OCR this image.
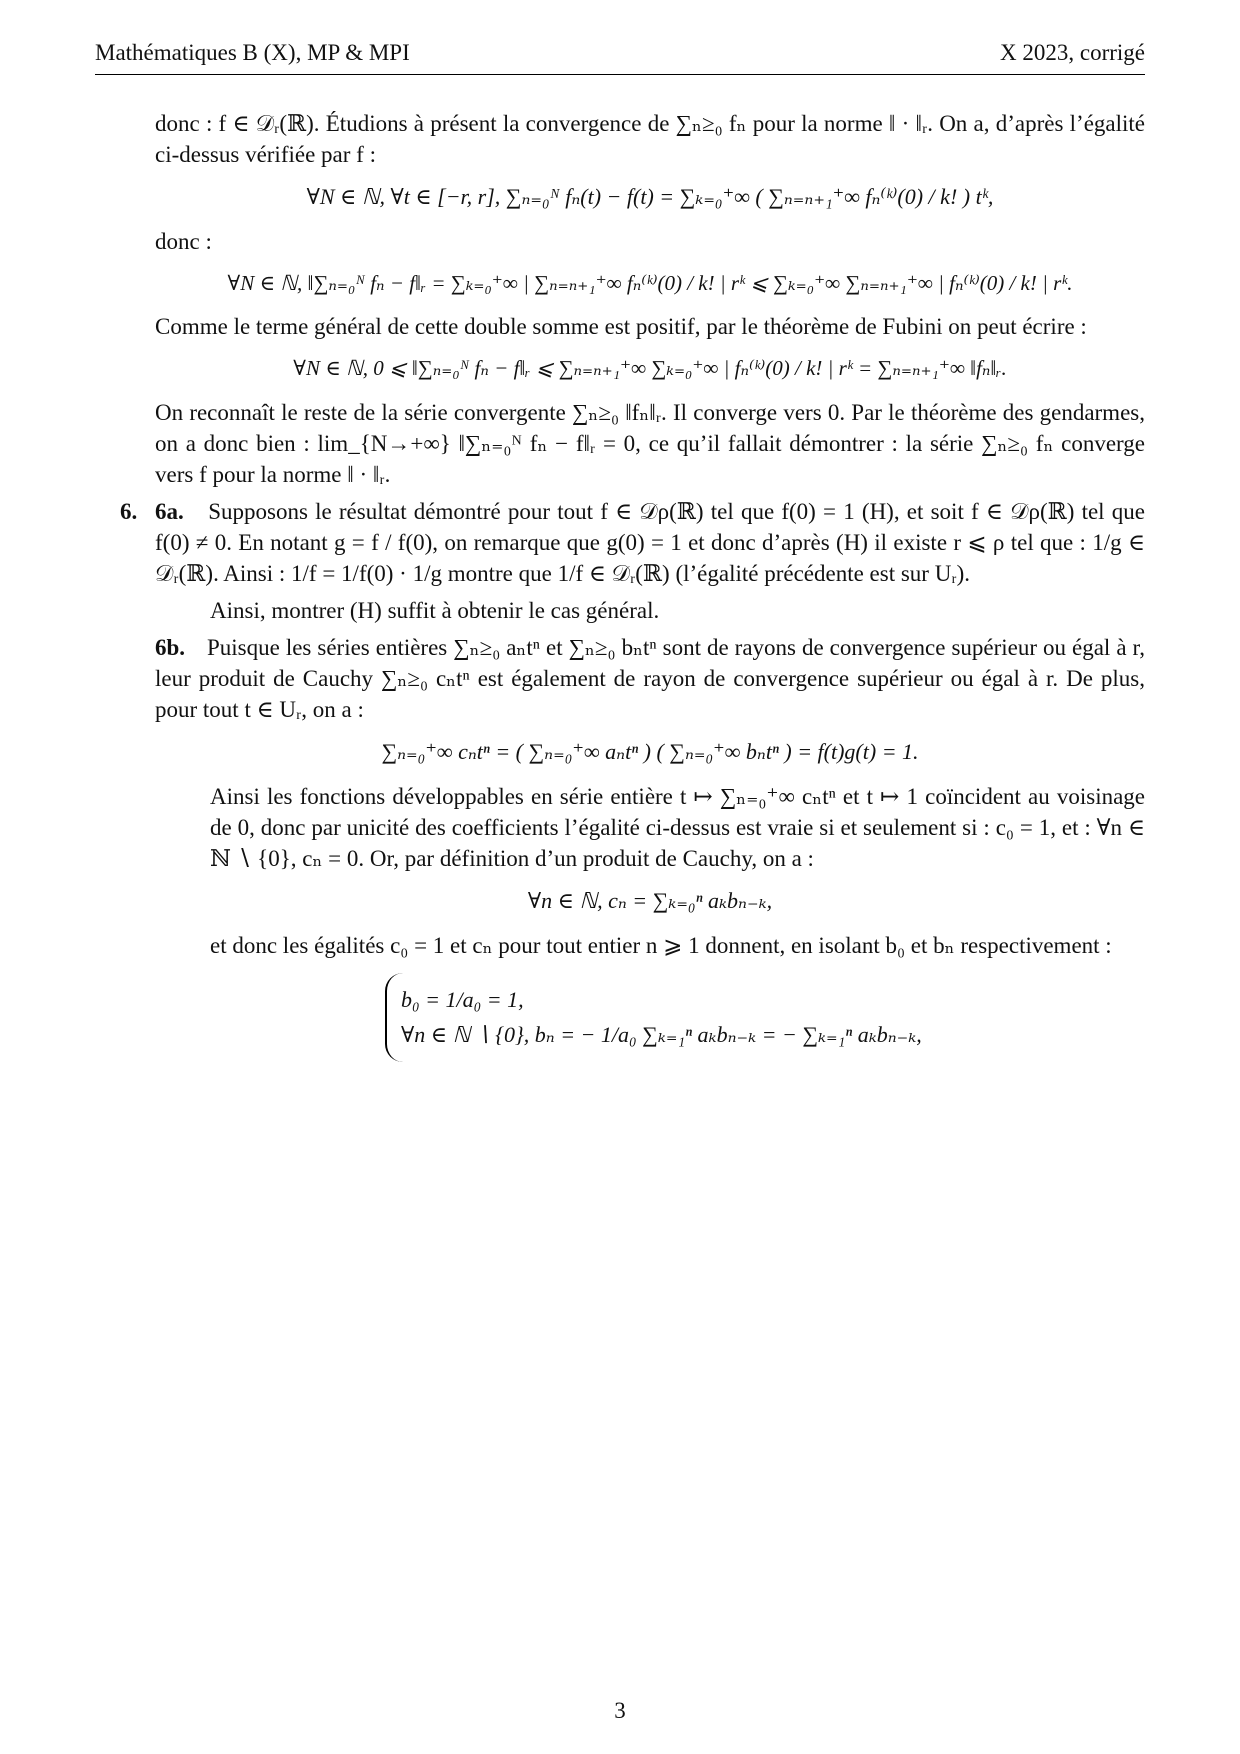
Mathématiques B (X), MP & MPI	X 2023, corrigé

donc : f ∈ 𝒟ᵣ(ℝ). Étudions à présent la convergence de ∑ₙ≥₀ fₙ pour la norme ‖ · ‖ᵣ. On a, d’après l’égalité ci-dessus vérifiée par f :

∀N ∈ ℕ, ∀t ∈ [−r, r], ∑ₙ₌₀ᴺ fₙ(t) − f(t) = ∑ₖ₌₀⁺∞ ( ∑ₙ₌ₙ₊₁⁺∞ fₙ⁽ᵏ⁾(0) / k! ) tᵏ,

donc :

∀N ∈ ℕ, ‖∑ₙ₌₀ᴺ fₙ − f‖ᵣ = ∑ₖ₌₀⁺∞ | ∑ₙ₌ₙ₊₁⁺∞ fₙ⁽ᵏ⁾(0) / k! | rᵏ ⩽ ∑ₖ₌₀⁺∞ ∑ₙ₌ₙ₊₁⁺∞ | fₙ⁽ᵏ⁾(0) / k! | rᵏ.

Comme le terme général de cette double somme est positif, par le théorème de Fubini on peut écrire :

∀N ∈ ℕ, 0 ⩽ ‖∑ₙ₌₀ᴺ fₙ − f‖ᵣ ⩽ ∑ₙ₌ₙ₊₁⁺∞ ∑ₖ₌₀⁺∞ | fₙ⁽ᵏ⁾(0) / k! | rᵏ = ∑ₙ₌ₙ₊₁⁺∞ ‖fₙ‖ᵣ.

On reconnaît le reste de la série convergente ∑ₙ≥₀ ‖fₙ‖ᵣ. Il converge vers 0. Par le théorème des gendarmes, on a donc bien : lim_{N→+∞} ‖∑ₙ₌₀ᴺ fₙ − f‖ᵣ = 0, ce qu’il fallait démontrer : la série ∑ₙ≥₀ fₙ converge vers f pour la norme ‖ · ‖ᵣ.

6. 6a. Supposons le résultat démontré pour tout f ∈ 𝒟ρ(ℝ) tel que f(0) = 1 (H), et soit f ∈ 𝒟ρ(ℝ) tel que f(0) ≠ 0. En notant g = f / f(0), on remarque que g(0) = 1 et donc d’après (H) il existe r ⩽ ρ tel que : 1/g ∈ 𝒟ᵣ(ℝ). Ainsi : 1/f = 1/f(0) · 1/g montre que 1/f ∈ 𝒟ᵣ(ℝ) (l’égalité précédente est sur Uᵣ).

Ainsi, montrer (H) suffit à obtenir le cas général.

6b. Puisque les séries entières ∑ₙ≥₀ aₙtⁿ et ∑ₙ≥₀ bₙtⁿ sont de rayons de convergence supérieur ou égal à r, leur produit de Cauchy ∑ₙ≥₀ cₙtⁿ est également de rayon de convergence supérieur ou égal à r. De plus, pour tout t ∈ Uᵣ, on a :

∑ₙ₌₀⁺∞ cₙtⁿ = ( ∑ₙ₌₀⁺∞ aₙtⁿ ) ( ∑ₙ₌₀⁺∞ bₙtⁿ ) = f(t)g(t) = 1.

Ainsi les fonctions développables en série entière t ↦ ∑ₙ₌₀⁺∞ cₙtⁿ et t ↦ 1 coïncident au voisinage de 0, donc par unicité des coefficients l’égalité ci-dessus est vraie si et seulement si : c₀ = 1, et : ∀n ∈ ℕ ∖ {0}, cₙ = 0. Or, par définition d’un produit de Cauchy, on a :

∀n ∈ ℕ, cₙ = ∑ₖ₌₀ⁿ aₖbₙ₋ₖ,

et donc les égalités c₀ = 1 et cₙ pour tout entier n ⩾ 1 donnent, en isolant b₀ et bₙ respectivement :

b₀ = 1/a₀ = 1,
∀n ∈ ℕ ∖ {0}, bₙ = − 1/a₀ ∑ₖ₌₁ⁿ aₖbₙ₋ₖ = − ∑ₖ₌₁ⁿ aₖbₙ₋ₖ,
3
